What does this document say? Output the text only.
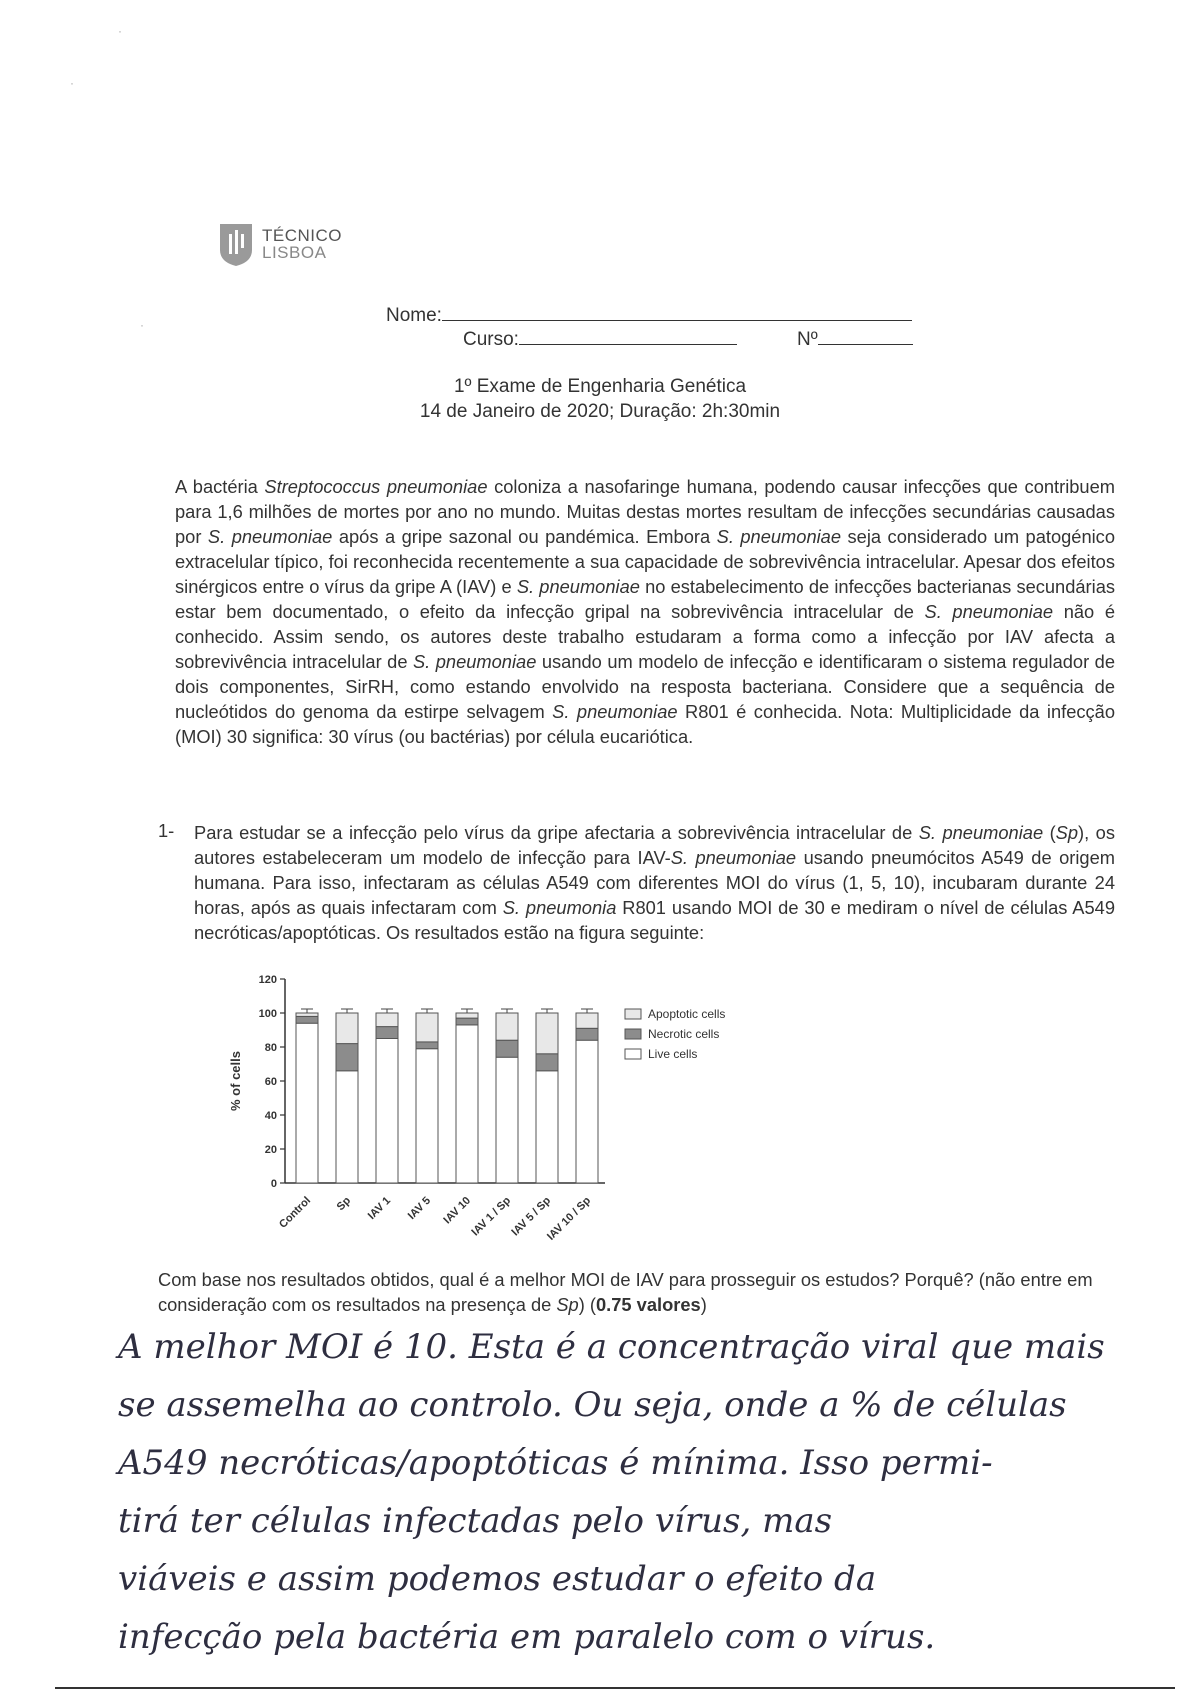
·
·
·
TÉCNICO
LISBOA
Nome:
Curso:	Nº
1º Exame de Engenharia Genética
14 de Janeiro de 2020; Duração: 2h:30min

A bactéria Streptococcus pneumoniae coloniza a nasofaringe humana, podendo causar infecções que contribuem para 1,6 milhões de mortes por ano no mundo. Muitas destas mortes resultam de infecções secundárias causadas por S. pneumoniae após a gripe sazonal ou pandémica. Embora S. pneumoniae seja considerado um patogénico extracelular típico, foi reconhecida recentemente a sua capacidade de sobrevivência intracelular. Apesar dos efeitos sinérgicos entre o vírus da gripe A (IAV) e S. pneumoniae no estabelecimento de infecções bacterianas secundárias estar bem documentado, o efeito da infecção gripal na sobrevivência intracelular de S. pneumoniae não é conhecido. Assim sendo, os autores deste trabalho estudaram a forma como a infecção por IAV afecta a sobrevivência intracelular de S. pneumoniae usando um modelo de infecção e identificaram o sistema regulador de dois componentes, SirRH, como estando envolvido na resposta bacteriana. Considere que a sequência de nucleótidos do genoma da estirpe selvagem S. pneumoniae R801 é conhecida. Nota: Multiplicidade da infecção (MOI) 30 significa: 30 vírus (ou bactérias) por célula eucariótica.

1- Para estudar se a infecção pelo vírus da gripe afectaria a sobrevivência intracelular de S. pneumoniae (Sp), os autores estabeleceram um modelo de infecção para IAV-S. pneumoniae usando pneumócitos A549 de origem humana. Para isso, infectaram as células A549 com diferentes MOI do vírus (1, 5, 10), incubaram durante 24 horas, após as quais infectaram com S. pneumonia R801 usando MOI de 30 e mediram o nível de células A549 necróticas/apoptóticas. Os resultados estão na figura seguinte:

0
20
40
60
80
100
120
% of cells
Control Sp IAV 1 IAV 5 IAV 10
IAV 1 / Sp
IAV 5 / Sp
IAV 10 / Sp
Apoptotic cells
Necrotic cells
Live cells
Com base nos resultados obtidos, qual é a melhor MOI de IAV para prosseguir os estudos? Porquê? (não entre em consideração com os resultados na presença de Sp) (0.75 valores)
A melhor MOI é 10. Esta é a concentração viral que mais
se assemelha ao controlo. Ou seja, onde a % de células
A549 necróticas/apoptóticas é mínima. Isso permi-
tirá ter células infectadas pelo vírus, mas
viáveis e assim podemos estudar o efeito da
infecção pela bactéria em paralelo com o vírus.
